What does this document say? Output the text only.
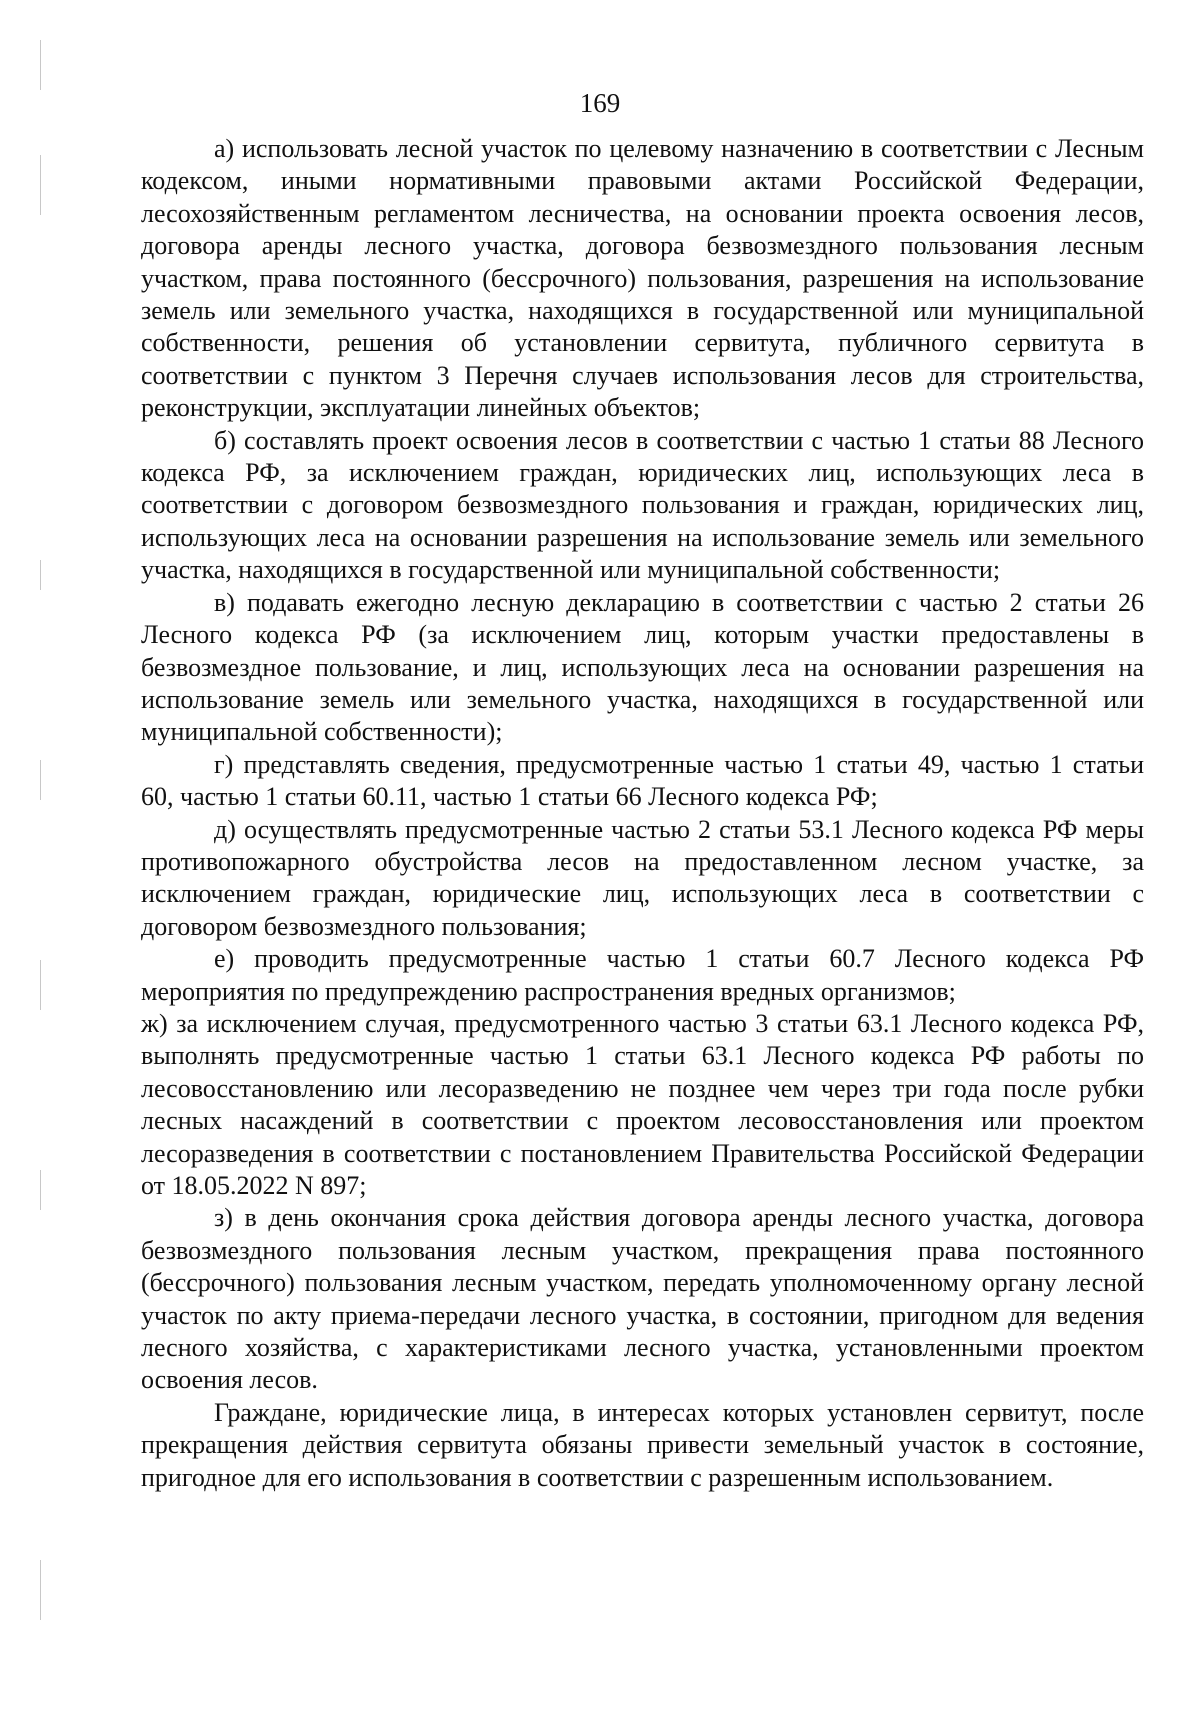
169

а) использовать лесной участок по целевому назначению в соответствии с Лесным кодексом, иными нормативными правовыми актами Российской Федерации, лесохозяйственным регламентом лесничества, на основании проекта освоения лесов, договора аренды лесного участка, договора безвозмездного пользования лесным участком, права постоянного (бессрочного) пользования, разрешения на использование земель или земельного участка, находящихся в государственной или муниципальной собственности, решения об установлении сервитута, публичного сервитута в соответствии с пунктом 3 Перечня случаев использования лесов для строительства, реконструкции, эксплуатации линейных объектов;

б) составлять проект освоения лесов в соответствии с частью 1 статьи 88 Лесного кодекса РФ, за исключением граждан, юридических лиц, использующих леса в соответствии с договором безвозмездного пользования и граждан, юридических лиц, использующих леса на основании разрешения на использование земель или земельного участка, находящихся в государственной или муниципальной собственности;

в) подавать ежегодно лесную декларацию в соответствии с частью 2 статьи 26 Лесного кодекса РФ (за исключением лиц, которым участки предоставлены в безвозмездное пользование, и лиц, использующих леса на основании разрешения на использование земель или земельного участка, находящихся в государственной или муниципальной собственности);

г) представлять сведения, предусмотренные частью 1 статьи 49, частью 1 статьи 60, частью 1 статьи 60.11, частью 1 статьи 66 Лесного кодекса РФ;

д) осуществлять предусмотренные частью 2 статьи 53.1 Лесного кодекса РФ меры противопожарного обустройства лесов на предоставленном лесном участке, за исключением граждан, юридические лиц, использующих леса в соответствии с договором безвозмездного пользования;

е) проводить предусмотренные частью 1 статьи 60.7 Лесного кодекса РФ мероприятия по предупреждению распространения вредных организмов;

ж) за исключением случая, предусмотренного частью 3 статьи 63.1 Лесного кодекса РФ, выполнять предусмотренные частью 1 статьи 63.1 Лесного кодекса РФ работы по лесовосстановлению или лесоразведению не позднее чем через три года после рубки лесных насаждений в соответствии с проектом лесовосстановления или проектом лесоразведения в соответствии с постановлением Правительства Российской Федерации от 18.05.2022 N 897;

з) в день окончания срока действия договора аренды лесного участка, договора безвозмездного пользования лесным участком, прекращения права постоянного (бессрочного) пользования лесным участком, передать уполномоченному органу лесной участок по акту приема-передачи лесного участка, в состоянии, пригодном для ведения лесного хозяйства, с характеристиками лесного участка, установленными проектом освоения лесов.

Граждане, юридические лица, в интересах которых установлен сервитут, после прекращения действия сервитута обязаны привести земельный участок в состояние, пригодное для его использования в соответствии с разрешенным использованием.
